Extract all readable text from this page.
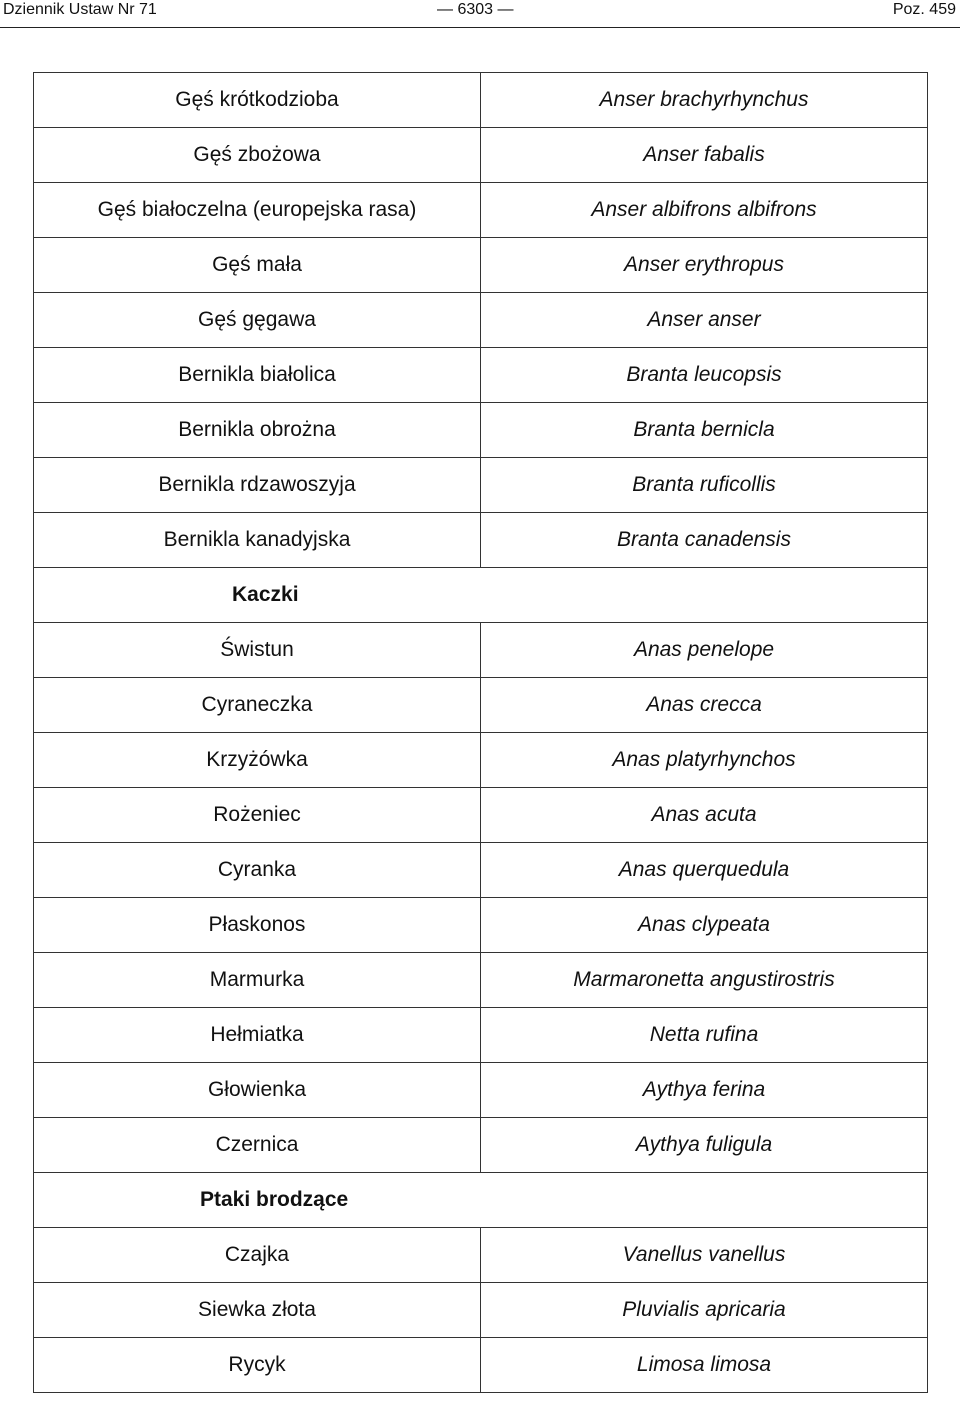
Dziennik Ustaw Nr 71	— 6303 —	Poz. 459
Gęś krótkodzioba	Anser brachyrhynchus
Gęś zbożowa	Anser fabalis
Gęś białoczelna (europejska rasa)	Anser albifrons albifrons
Gęś mała	Anser erythropus
Gęś gęgawa	Anser anser
Bernikla białolica	Branta leucopsis
Bernikla obrożna	Branta bernicla
Bernikla rdzawoszyja	Branta ruficollis
Bernikla kanadyjska	Branta canadensis
Kaczki	
Świstun	Anas penelope
Cyraneczka	Anas crecca
Krzyżówka	Anas platyrhynchos
Rożeniec	Anas acuta
Cyranka	Anas querquedula
Płaskonos	Anas clypeata
Marmurka	Marmaronetta angustirostris
Hełmiatka	Netta rufina
Głowienka	Aythya ferina
Czernica	Aythya fuligula
Ptaki brodzące	
Czajka	Vanellus vanellus
Siewka złota	Pluvialis apricaria
Rycyk	Limosa limosa
